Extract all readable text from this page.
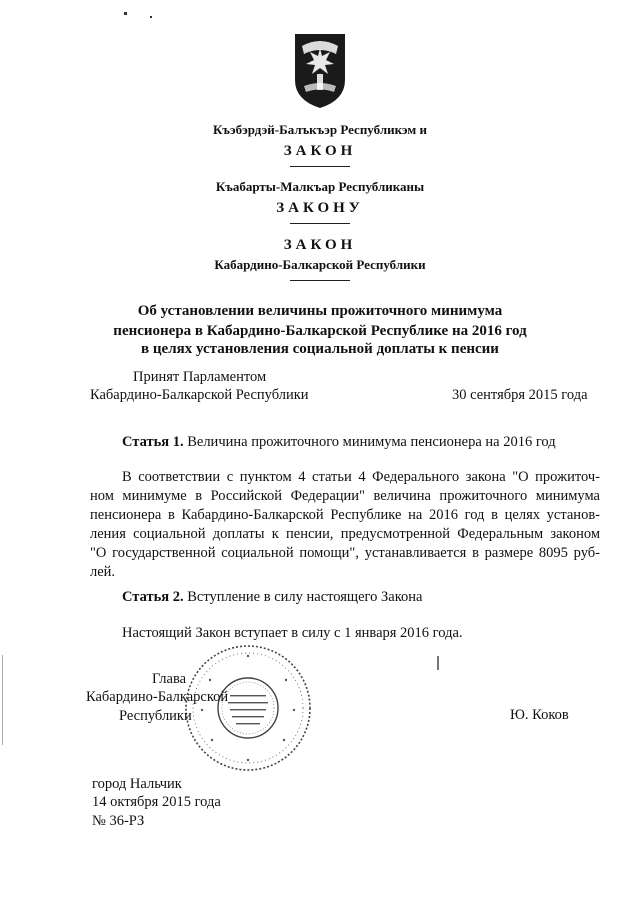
Къэбэрдэй-Балъкъэр Республикэм и
ЗАКОН
Къабарты-Малкъар Республиканы
ЗАКОНУ
ЗАКОН
Кабардино-Балкарской Республики
Об установлении величины прожиточного минимума
пенсионера в Кабардино-Балкарской Республике на 2016 год
в целях установления социальной доплаты к пенсии
Принят Парламентом
Кабардино-Балкарской Республики	30 сентября 2015 года
Статья 1. Величина прожиточного минимума пенсионера на 2016 год
В соответствии с пунктом 4 статьи 4 Федерального закона "О прожиточ-
ном минимуме в Российской Федерации" величина прожиточного минимума
пенсионера в Кабардино-Балкарской Республике на 2016 год в целях установ-
ления социальной доплаты к пенсии, предусмотренной Федеральным законом
"О государственной социальной помощи", устанавливается в размере 8095 руб-
лей.
Статья 2. Вступление в силу настоящего Закона
Настоящий Закон вступает в силу с 1 января 2016 года.
Глава
Кабардино-Балкарской
Республики	Ю. Коков
город Нальчик
14 октября 2015 года
№ 36-РЗ
